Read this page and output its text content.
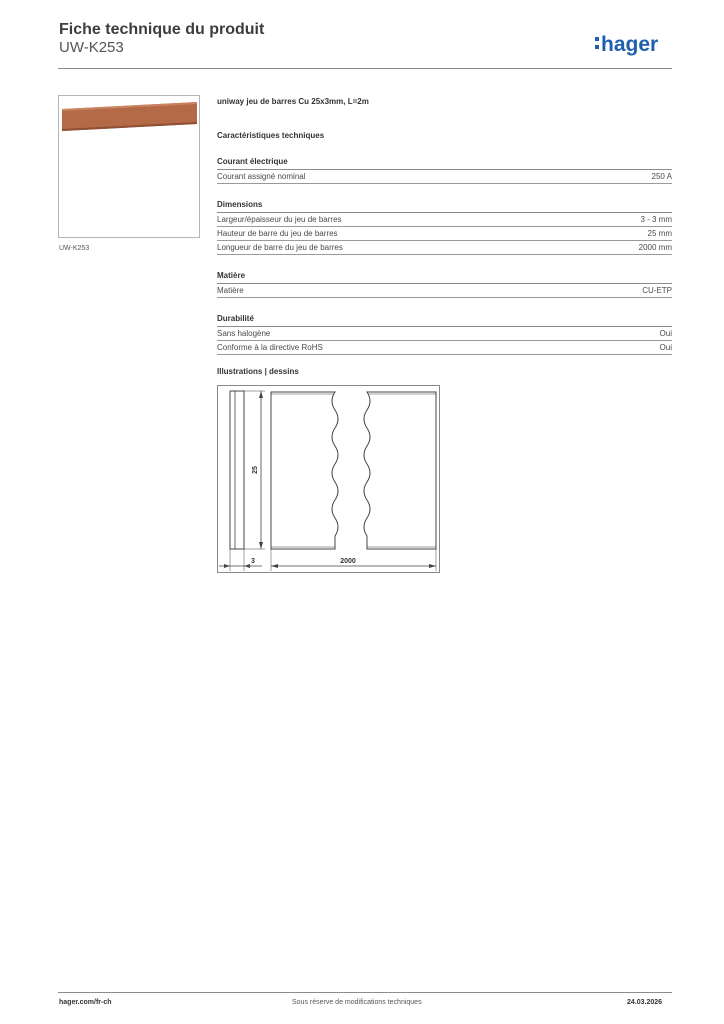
Fiche technique du produit
UW-K253	hager
UW-K253
uniway jeu de barres Cu 25x3mm, L=2m
Caractéristiques techniques
Courant électrique
Courant assigné nominal	250 A
Dimensions
Largeur/épaisseur du jeu de barres	3 - 3 mm
Hauteur de barre du jeu de barres	25 mm
Longueur de barre du jeu de barres	2000 mm
Matière
Matière	CU-ETP
Durabilité
Sans halogène	Oui
Conforme à la directive RoHS	Oui
Illustrations | dessins
25
3	2000
hager.com/fr-ch	Sous réserve de modifications techniques	24.03.2026
